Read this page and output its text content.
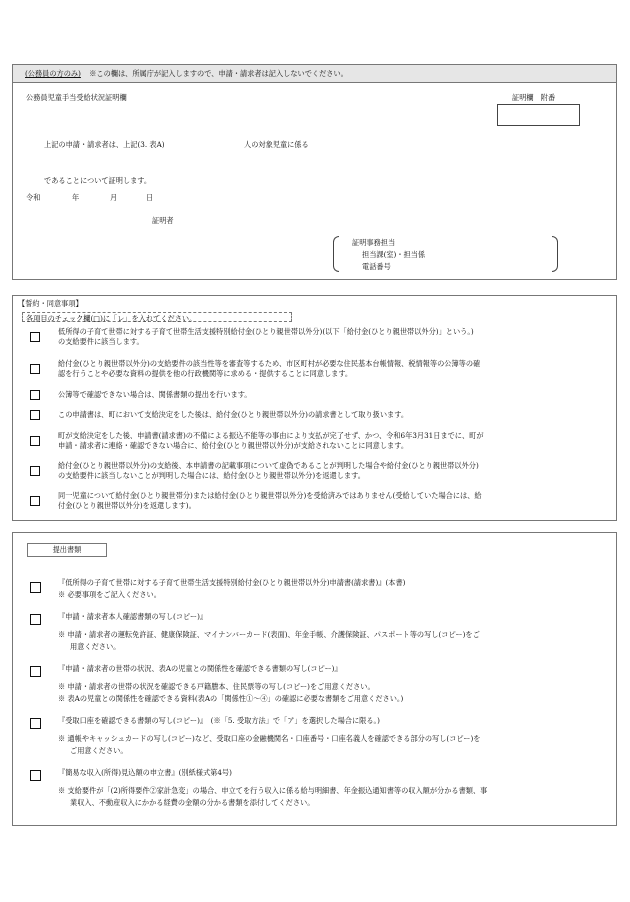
(公務員の方のみ) ※この欄は、所属庁が記入しますので、申請・請求者は記入しないでください。
公務員児童手当受給状況証明欄	証明欄　附番
上記の申請・請求者は、上記(3. 表A)	人の対象児童に係る
であることについて証明します。
令和	年	月	日
証明者
証明事務担当
担当課(室)・担当係
電話番号
【誓約・同意事項】
各項目のチェック欄(□)に「レ」を入れてください。
低所得の子育て世帯に対する子育て世帯生活支援特別給付金(ひとり親世帯以外分)(以下「給付金(ひとり親世帯以外分)」という。)
の支給要件に該当します。
給付金(ひとり親世帯以外分)の支給要件の該当性等を審査等するため、市区町村が必要な住民基本台帳情報、税情報等の公簿等の確
認を行うことや必要な資料の提供を他の行政機関等に求める・提供することに同意します。
公簿等で確認できない場合は、関係書類の提出を行います。
この申請書は、町において支給決定をした後は、給付金(ひとり親世帯以外分)の請求書として取り扱います。
町が支給決定をした後、申請書(請求書)の不備による振込不能等の事由により支払が完了せず、かつ、令和6年3月31日までに、町が
申請・請求者に連絡・確認できない場合に、給付金(ひとり親世帯以外分)が支給されないことに同意します。
給付金(ひとり親世帯以外分)の支給後、本申請書の記載事項について虚偽であることが判明した場合や給付金(ひとり親世帯以外分)
の支給要件に該当しないことが判明した場合には、給付金(ひとり親世帯以外分)を返還します。
同一児童について給付金(ひとり親世帯分)または給付金(ひとり親世帯以外分)を受給済みではありません(受給していた場合には、給
付金(ひとり親世帯以外分)を返還します)。
提出書類
『低所得の子育て世帯に対する子育て世帯生活支援特別給付金(ひとり親世帯以外分)申請書(請求書)』(本書)
※ 必要事項をご記入ください。
『申請・請求者本人確認書類の写し(コピー)』
※ 申請・請求者の運転免許証、健康保険証、マイナンバーカード(表面)、年金手帳、介護保険証、パスポート等の写し(コピー)をご
用意ください。
『申請・請求者の世帯の状況、表Aの児童との関係性を確認できる書類の写し(コピー)』
※ 申請・請求者の世帯の状況を確認できる戸籍謄本、住民票等の写し(コピー)をご用意ください。
※ 表Aの児童との関係性を確認できる資料(表Aの「関係性①～④」の確認に必要な書類をご用意ください。)
『受取口座を確認できる書類の写し(コピー)』　(※「5. 受取方法」で「ア」を選択した場合に限る。)
※ 通帳やキャッシュカードの写し(コピー)など、受取口座の金融機関名・口座番号・口座名義人を確認できる部分の写し(コピー)を
ご用意ください。
『簡易な収入(所得)見込額の申立書』(別紙様式第4号)
※ 支給要件が「(2)所得要件②家計急変」の場合、申立てを行う収入に係る給与明細書、年金振込通知書等の収入額が分かる書類、事
業収入、不動産収入にかかる経費の金額の分かる書類を添付してください。
